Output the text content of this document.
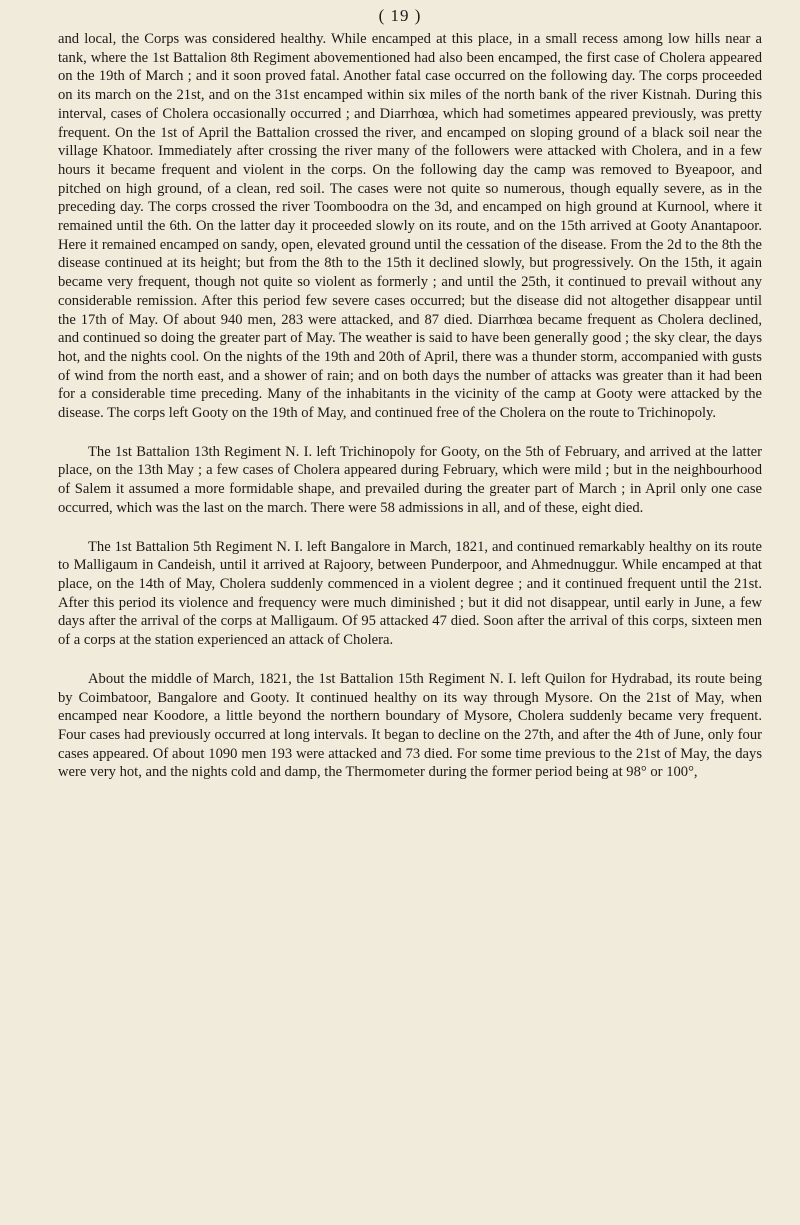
( 19 )

and local, the Corps was considered healthy. While encamped at this place, in a small recess among low hills near a tank, where the 1st Battalion 8th Regiment abovementioned had also been encamped, the first case of Cholera appeared on the 19th of March ; and it soon proved fatal. Another fatal case occurred on the following day. The corps proceeded on its march on the 21st, and on the 31st encamped within six miles of the north bank of the river Kistnah. During this interval, cases of Cholera occasionally occurred ; and Diarrhœa, which had sometimes appeared previously, was pretty frequent. On the 1st of April the Battalion crossed the river, and encamped on sloping ground of a black soil near the village Khatoor. Immediately after crossing the river many of the followers were attacked with Cholera, and in a few hours it became frequent and violent in the corps. On the following day the camp was removed to Byeapoor, and pitched on high ground, of a clean, red soil. The cases were not quite so numerous, though equally severe, as in the preceding day. The corps crossed the river Toomboodra on the 3d, and encamped on high ground at Kurnool, where it remained until the 6th. On the latter day it proceeded slowly on its route, and on the 15th arrived at Gooty Anantapoor. Here it remained encamped on sandy, open, elevated ground until the cessation of the disease. From the 2d to the 8th the disease continued at its height; but from the 8th to the 15th it declined slowly, but progressively. On the 15th, it again became very frequent, though not quite so violent as formerly ; and until the 25th, it continued to prevail without any considerable remission. After this period few severe cases occurred; but the disease did not altogether disappear until the 17th of May. Of about 940 men, 283 were attacked, and 87 died. Diarrhœa became frequent as Cholera declined, and continued so doing the greater part of May. The weather is said to have been generally good ; the sky clear, the days hot, and the nights cool. On the nights of the 19th and 20th of April, there was a thunder storm, accompanied with gusts of wind from the north east, and a shower of rain; and on both days the number of attacks was greater than it had been for a considerable time preceding. Many of the inhabitants in the vicinity of the camp at Gooty were attacked by the disease. The corps left Gooty on the 19th of May, and continued free of the Cholera on the route to Trichinopoly.

The 1st Battalion 13th Regiment N. I. left Trichinopoly for Gooty, on the 5th of February, and arrived at the latter place, on the 13th May ; a few cases of Cholera appeared during February, which were mild ; but in the neighbourhood of Salem it assumed a more formidable shape, and prevailed during the greater part of March ; in April only one case occurred, which was the last on the march. There were 58 admissions in all, and of these, eight died.

The 1st Battalion 5th Regiment N. I. left Bangalore in March, 1821, and continued remarkably healthy on its route to Malligaum in Candeish, until it arrived at Rajoory, between Punderpoor, and Ahmednuggur. While encamped at that place, on the 14th of May, Cholera suddenly commenced in a violent degree ; and it continued frequent until the 21st. After this period its violence and frequency were much diminished ; but it did not disappear, until early in June, a few days after the arrival of the corps at Malligaum. Of 95 attacked 47 died. Soon after the arrival of this corps, sixteen men of a corps at the station experienced an attack of Cholera.

About the middle of March, 1821, the 1st Battalion 15th Regiment N. I. left Quilon for Hydrabad, its route being by Coimbatoor, Bangalore and Gooty. It continued healthy on its way through Mysore. On the 21st of May, when encamped near Koodore, a little beyond the northern boundary of Mysore, Cholera suddenly became very frequent. Four cases had previously occurred at long intervals. It began to decline on the 27th, and after the 4th of June, only four cases appeared. Of about 1090 men 193 were attacked and 73 died. For some time previous to the 21st of May, the days were very hot, and the nights cold and damp, the Thermometer during the former period being at 98° or 100°,
